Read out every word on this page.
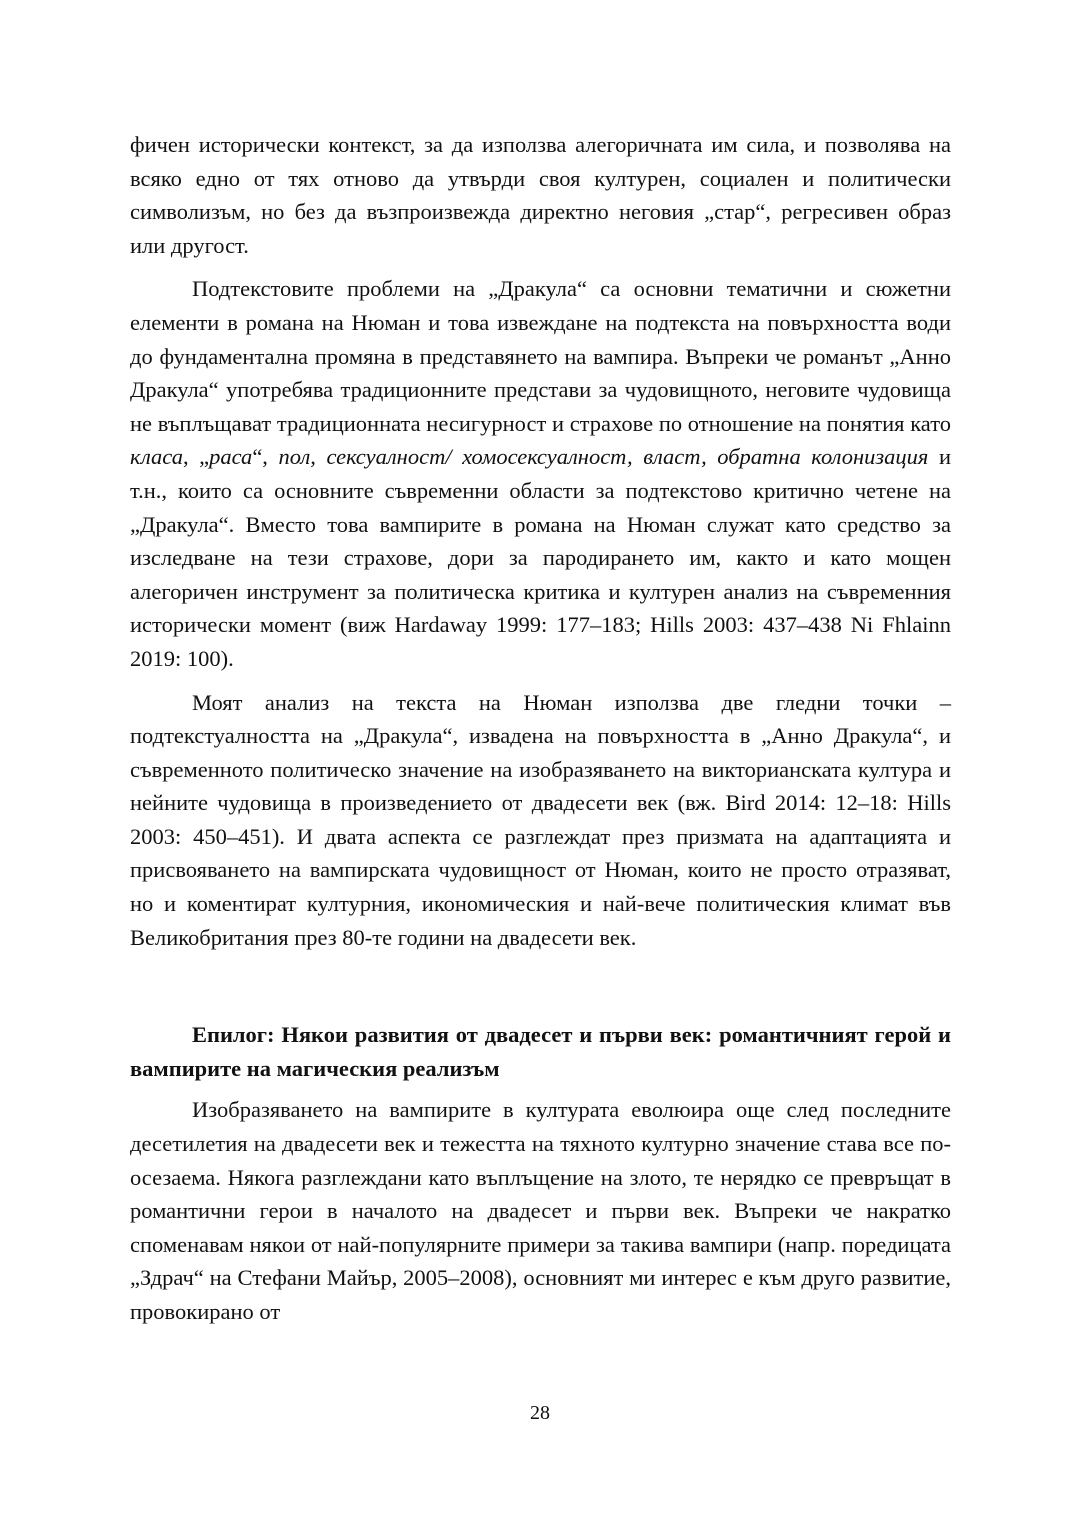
фичен исторически контекст, за да използва алегоричната им сила, и позволява на всяко едно от тях отново да утвърди своя културен, социален и политически символизъм, но без да възпроизвежда директно неговия „стар“, регресивен образ или другост.

Подтекстовите проблеми на „Дракула“ са основни тематични и сюжетни елементи в романа на Нюман и това извеждане на подтекста на повърхността води до фундаментална промяна в представянето на вампира. Въпреки че романът „Анно Дракула“ употребява традиционните представи за чудовищното, неговите чудовища не въплъщават традиционната несигурност и страхове по отношение на понятия като класа, „раса“, пол, сексуалност/ хомосексуалност, власт, обратна колонизация и т.н., които са основните съвременни области за подтекстово критично четене на „Дракула“. Вместо това вампирите в романа на Нюман служат като средство за изследване на тези страхове, дори за пародирането им, както и като мощен алегоричен инструмент за политическа критика и културен анализ на съвременния исторически момент (виж Hardaway 1999: 177–183; Hills 2003: 437–438 Ni Fhlainn 2019: 100).

Моят анализ на текста на Нюман използва две гледни точки – подтекстуалността на „Дракула“, извадена на повърхността в „Анно Дракула“, и съвременното политическо значение на изобразяването на викторианската култура и нейните чудовища в произведението от двадесети век (вж. Bird 2014: 12–18: Hills 2003: 450–451). И двата аспекта се разглеждат през призмата на адаптацията и присвояването на вампирската чудовищност от Нюман, които не просто отразяват, но и коментират културния, икономическия и най-вече политическия климат във Великобритания през 80-те години на двадесети век.

Епилог: Някои развития от двадесет и първи век: романтичният герой и вампирите на магическия реализъм

Изобразяването на вампирите в културата еволюира още след последните десетилетия на двадесети век и тежестта на тяхното културно значение става все по-осезаема. Някога разглеждани като въплъщение на злото, те нерядко се превръщат в романтични герои в началото на двадесет и първи век. Въпреки че накратко споменавам някои от най-популярните примери за такива вампири (напр. поредицата „Здрач“ на Стефани Майър, 2005–2008), основният ми интерес е към друго развитие, провокирано от

28
